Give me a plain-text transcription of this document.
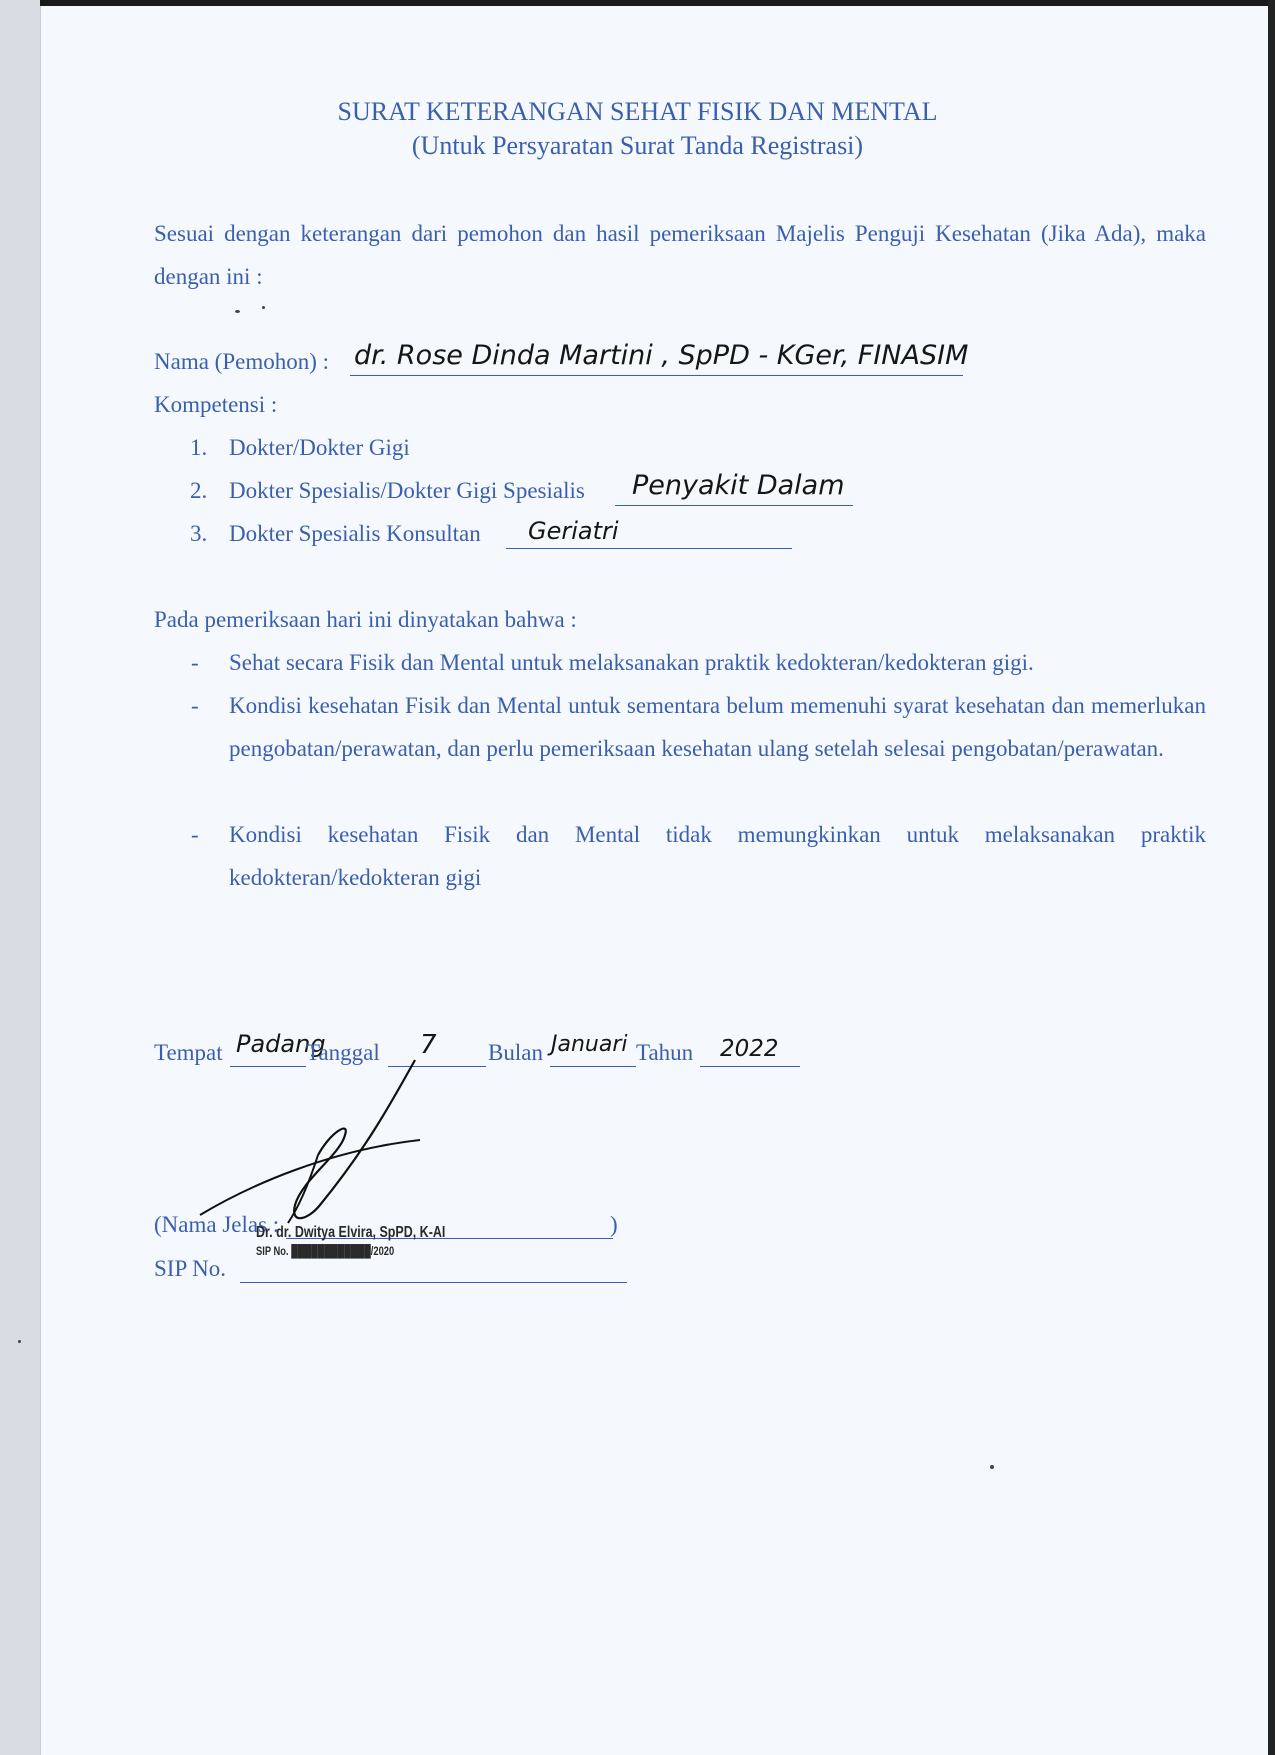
SURAT KETERANGAN SEHAT FISIK DAN MENTAL
(Untuk Persyaratan Surat Tanda Registrasi)
Sesuai dengan keterangan dari pemohon dan hasil pemeriksaan Majelis Penguji Kesehatan (Jika Ada), maka dengan ini :
Nama (Pemohon) : dr. Rose Dinda Martini , SpPD - KGer, FINASIM
Kompetensi :
1. Dokter/Dokter Gigi
2. Dokter Spesialis/Dokter Gigi Spesialis Penyakit Dalam
3. Dokter Spesialis Konsultan Geriatri
Pada pemeriksaan hari ini dinyatakan bahwa :
- Sehat secara Fisik dan Mental untuk melaksanakan praktik kedokteran/kedokteran gigi.
- Kondisi kesehatan Fisik dan Mental untuk sementara belum memenuhi syarat kesehatan dan memerlukan pengobatan/perawatan, dan perlu pemeriksaan kesehatan ulang setelah selesai pengobatan/perawatan.
- Kondisi kesehatan Fisik dan Mental tidak memungkinkan untuk melaksanakan praktik kedokteran/kedokteran gigi
Tempat Padang
Tanggal 7 Bulan Januari Tahun 2022
(Nama Jelas :	)
Dr. dr. Dwitya Elvira, SpPD, K-AI
SIP No. ████████████/2020
SIP No.
